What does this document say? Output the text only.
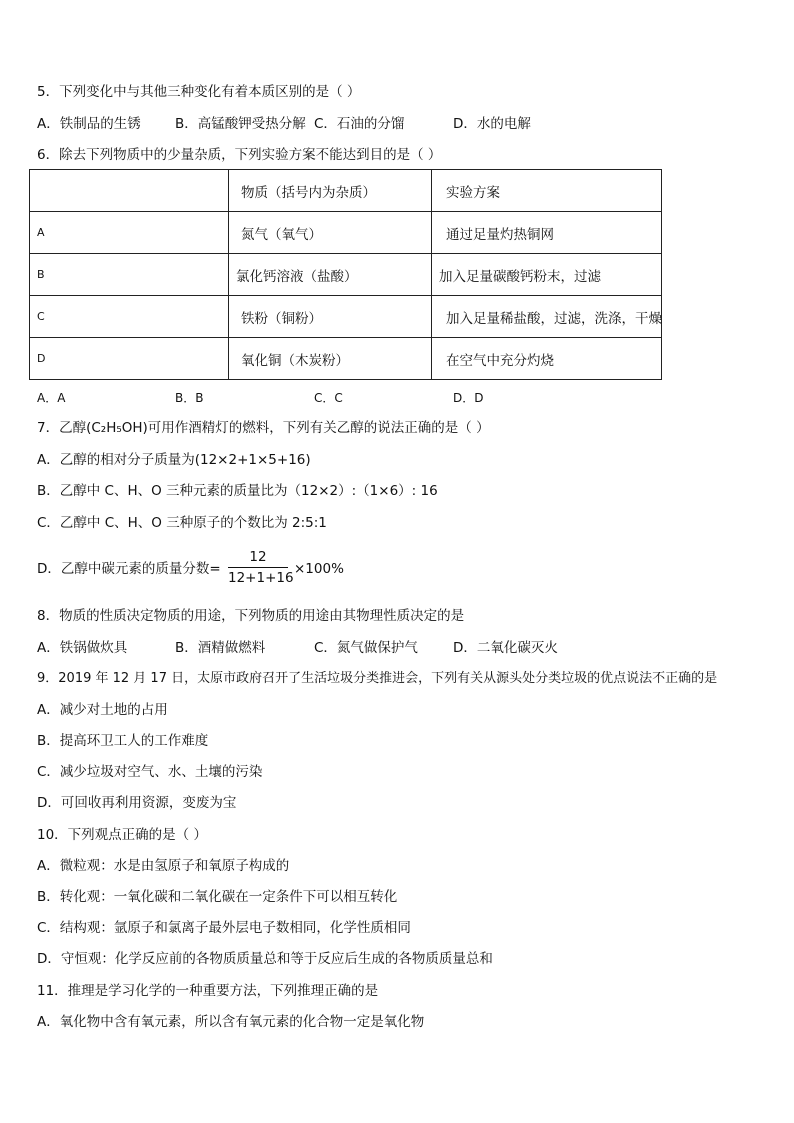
5．下列变化中与其他三种变化有着本质区别的是（ ）
A．铁制品的生锈	B．高锰酸钾受热分解 C．石油的分馏	D．水的电解
6．除去下列物质中的少量杂质，下列实验方案不能达到目的是（ ）
	物质（括号内为杂质）	实验方案
A	氮气（氧气）	通过足量灼热铜网
B	氯化钙溶液（盐酸）	加入足量碳酸钙粉末，过滤
C	铁粉（铜粉）	加入足量稀盐酸，过滤，洗涤，干燥
D	氧化铜（木炭粉）	在空气中充分灼烧
A．A	B．B	C．C	D．D
7．乙醇(C₂H₅OH)可用作酒精灯的燃料，下列有关乙醇的说法正确的是（ ）
A．乙醇的相对分子质量为(12×2+1×5+16)
B．乙醇中 C、H、O 三种元素的质量比为（12×2）:（1×6）: 16
C．乙醇中 C、H、O 三种原子的个数比为 2:5:1
D．乙醇中碳元素的质量分数=
12
12+1+16
×100%
8．物质的性质决定物质的用途，下列物质的用途由其物理性质决定的是
A．铁锅做炊具	B．酒精做燃料	C．氮气做保护气	D．二氧化碳灭火
9．2019 年 12 月 17 日，太原市政府召开了生活垃圾分类推进会，下列有关从源头处分类垃圾的优点说法不正确的是
A．减少对土地的占用
B．提高环卫工人的工作难度
C．减少垃圾对空气、水、土壤的污染
D．可回收再利用资源，变废为宝
10．下列观点正确的是（ ）
A．微粒观：水是由氢原子和氧原子构成的
B．转化观：一氧化碳和二氧化碳在一定条件下可以相互转化
C．结构观：氩原子和氯离子最外层电子数相同，化学性质相同
D．守恒观：化学反应前的各物质质量总和等于反应后生成的各物质质量总和
11．推理是学习化学的一种重要方法，下列推理正确的是
A．氧化物中含有氧元素，所以含有氧元素的化合物一定是氧化物
